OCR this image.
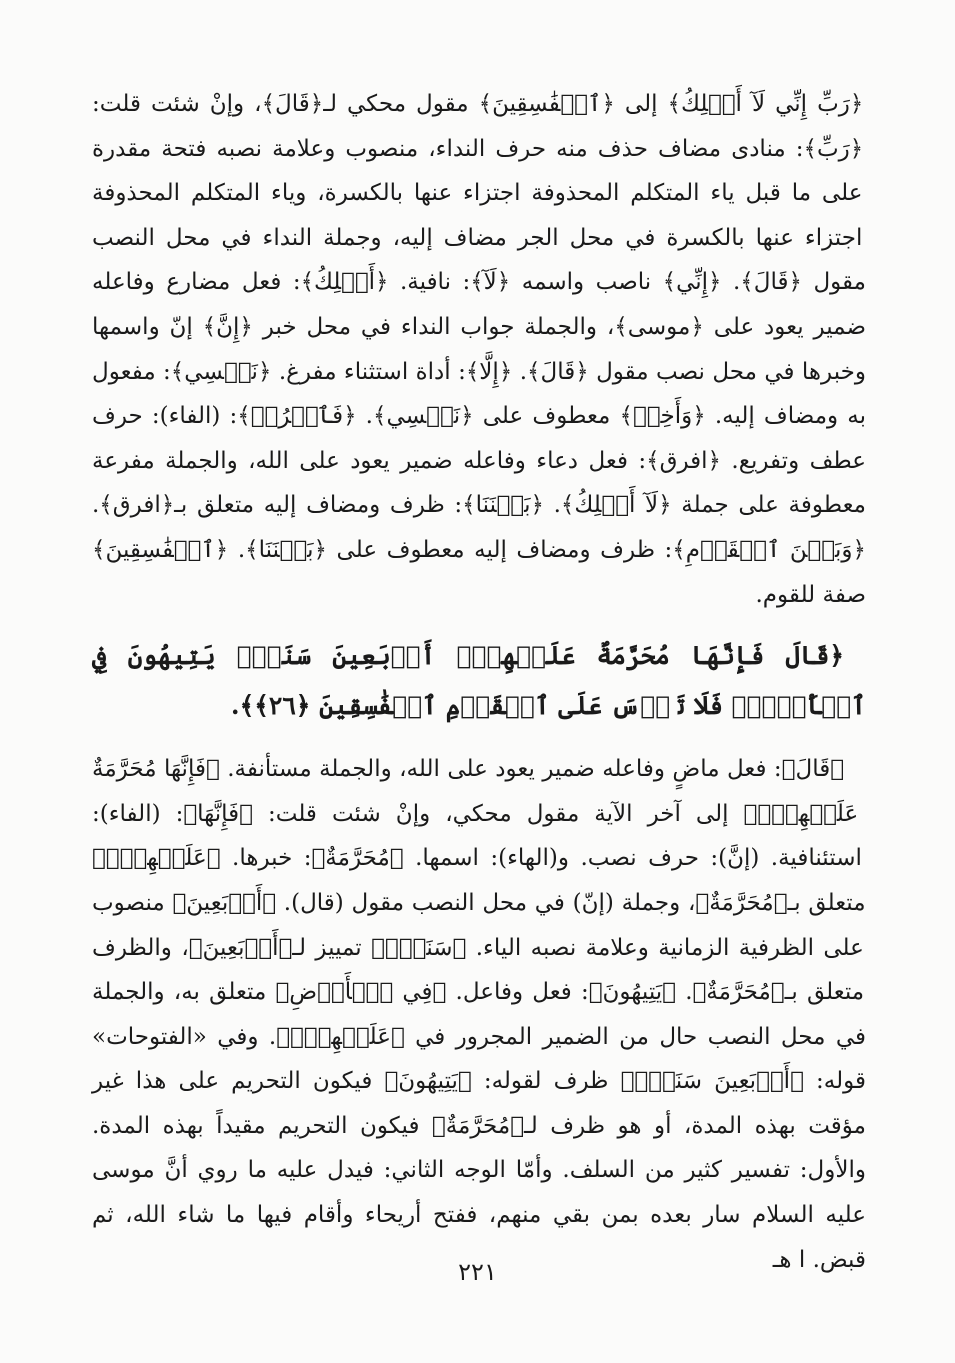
﴿رَبِّ إِنِّي لَآ أَمۡلِكُ﴾ إلى ﴿ٱلۡفَٰسِقِينَ﴾ مقول محكي لـ﴿قَالَ﴾، وإنْ شئت قلت: ﴿رَبِّ﴾: منادى مضاف حذف منه حرف النداء، منصوب وعلامة نصبه فتحة مقدرة على ما قبل ياء المتكلم المحذوفة اجتزاء عنها بالكسرة، وياء المتكلم المحذوفة اجتزاء عنها بالكسرة في محل الجر مضاف إليه، وجملة النداء في محل النصب مقول ﴿قَالَ﴾. ﴿إِنِّي﴾ ناصب واسمه ﴿لَآ﴾: نافية. ﴿أَمۡلِكُ﴾: فعل مضارع وفاعله ضمير يعود على ﴿موسى﴾، والجملة جواب النداء في محل خبر ﴿إِنَّ﴾ إنّ واسمها وخبرها في محل نصب مقول ﴿قَالَ﴾. ﴿إِلَّا﴾: أداة استثناء مفرغ. ﴿نَفۡسِي﴾: مفعول به ومضاف إليه. ﴿وَأَخِيۖ﴾ معطوف على ﴿نَفۡسِي﴾. ﴿فَٱفۡرُقۡ﴾: (الفاء): حرف عطف وتفريع. ﴿افرق﴾: فعل دعاء وفاعله ضمير يعود على الله، والجملة مفرعة معطوفة على جملة ﴿لَآ أَمۡلِكُ﴾. ﴿بَيۡنَنَا﴾: ظرف ومضاف إليه متعلق بـ﴿افرق﴾. ﴿وَبَيۡنَ ٱلۡقَوۡمِ﴾: ظرف ومضاف إليه معطوف على ﴿بَيۡنَنَا﴾. ﴿ٱلۡفَٰسِقِينَ﴾ صفة للقوم.

﴿قَالَ فَإِنَّهَا مُحَرَّمَةٌ عَلَيۡهِمۡۛ أَرۡبَعِينَ سَنَةٗۛ يَتِيهُونَ فِي ٱلۡأَرۡضِۚ فَلَا تَأۡسَ عَلَى ٱلۡقَوۡمِ ٱلۡفَٰسِقِينَ ﴿٢٦﴾﴾.

﴿قَالَ﴾: فعل ماضٍ وفاعله ضمير يعود على الله، والجملة مستأنفة. ﴿فَإِنَّهَا مُحَرَّمَةٌ عَلَيۡهِمۡۛ﴾ إلى آخر الآية مقول محكي، وإنْ شئت قلت: ﴿فَإِنَّهَا﴾: (الفاء): استئنافية. (إنَّ): حرف نصب. و(الهاء): اسمها. ﴿مُحَرَّمَةٌ﴾: خبرها. ﴿عَلَيۡهِمۡۛ﴾ متعلق بـ﴿مُحَرَّمَةٌ﴾، وجملة (إنّ) في محل النصب مقول (قال). ﴿أَرۡبَعِينَ﴾ منصوب على الظرفية الزمانية وعلامة نصبه الياء. ﴿سَنَةٗۛ﴾ تمييز لـ﴿أَرۡبَعِينَ﴾، والظرف متعلق بـ﴿مُحَرَّمَةٌ﴾. ﴿يَتِيهُونَ﴾: فعل وفاعل. ﴿فِي ٱلۡأَرۡضِ﴾ متعلق به، والجملة في محل النصب حال من الضمير المجرور في ﴿عَلَيۡهِمۡۛ﴾. وفي «الفتوحات» قوله: ﴿أَرۡبَعِينَ سَنَةٗۛ﴾ ظرف لقوله: ﴿يَتِيهُونَ﴾ فيكون التحريم على هذا غير مؤقت بهذه المدة، أو هو ظرف لـ﴿مُحَرَّمَةٌ﴾ فيكون التحريم مقيداً بهذه المدة. والأول: تفسير كثير من السلف. وأمّا الوجه الثاني: فيدل عليه ما روي أنَّ موسى عليه السلام سار بعده بمن بقي منهم، ففتح أريحاء وأقام فيها ما شاء الله، ثم قبض. ا هـ

٢٢١
